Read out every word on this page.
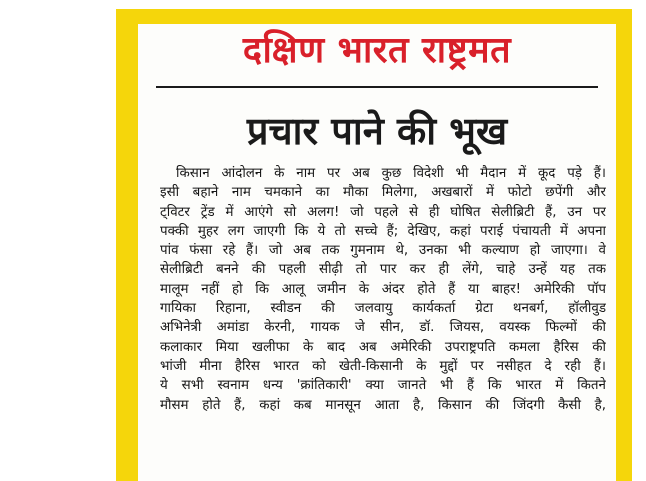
दक्षिण भारत राष्ट्रमत
प्रचार पाने की भूख
किसान आंदोलन के नाम पर अब कुछ विदेशी भी मैदान में कूद पड़े हैं।
इसी बहाने नाम चमकाने का मौका मिलेगा, अखबारों में फोटो छपेंगी और
ट्विटर ट्रेंड में आएंगे सो अलग! जो पहले से ही घोषित सेलीब्रिटी हैं, उन पर
पक्की मुहर लग जाएगी कि ये तो सच्चे हैं; देखिए, कहां पराई पंचायती में अपना
पांव फंसा रहे हैं। जो अब तक गुमनाम थे, उनका भी कल्याण हो जाएगा। वे
सेलीब्रिटी बनने की पहली सीढ़ी तो पार कर ही लेंगे, चाहे उन्हें यह तक
मालूम नहीं हो कि आलू जमीन के अंदर होते हैं या बाहर! अमेरिकी पॉप
गायिका रिहाना, स्वीडन की जलवायु कार्यकर्ता ग्रेटा थनबर्ग, हॉलीवुड
अभिनेत्री अमांडा केरनी, गायक जे सीन, डॉ. जियस, वयस्क फिल्मों की
कलाकार मिया खलीफा के बाद अब अमेरिकी उपराष्ट्रपति कमला हैरिस की
भांजी मीना हैरिस भारत को खेती-किसानी के मुद्दों पर नसीहत दे रही हैं।
ये सभी स्वनाम धन्य 'क्रांतिकारी' क्या जानते भी हैं कि भारत में कितने
मौसम होते हैं, कहां कब मानसून आता है, किसान की जिंदगी कैसी है,
